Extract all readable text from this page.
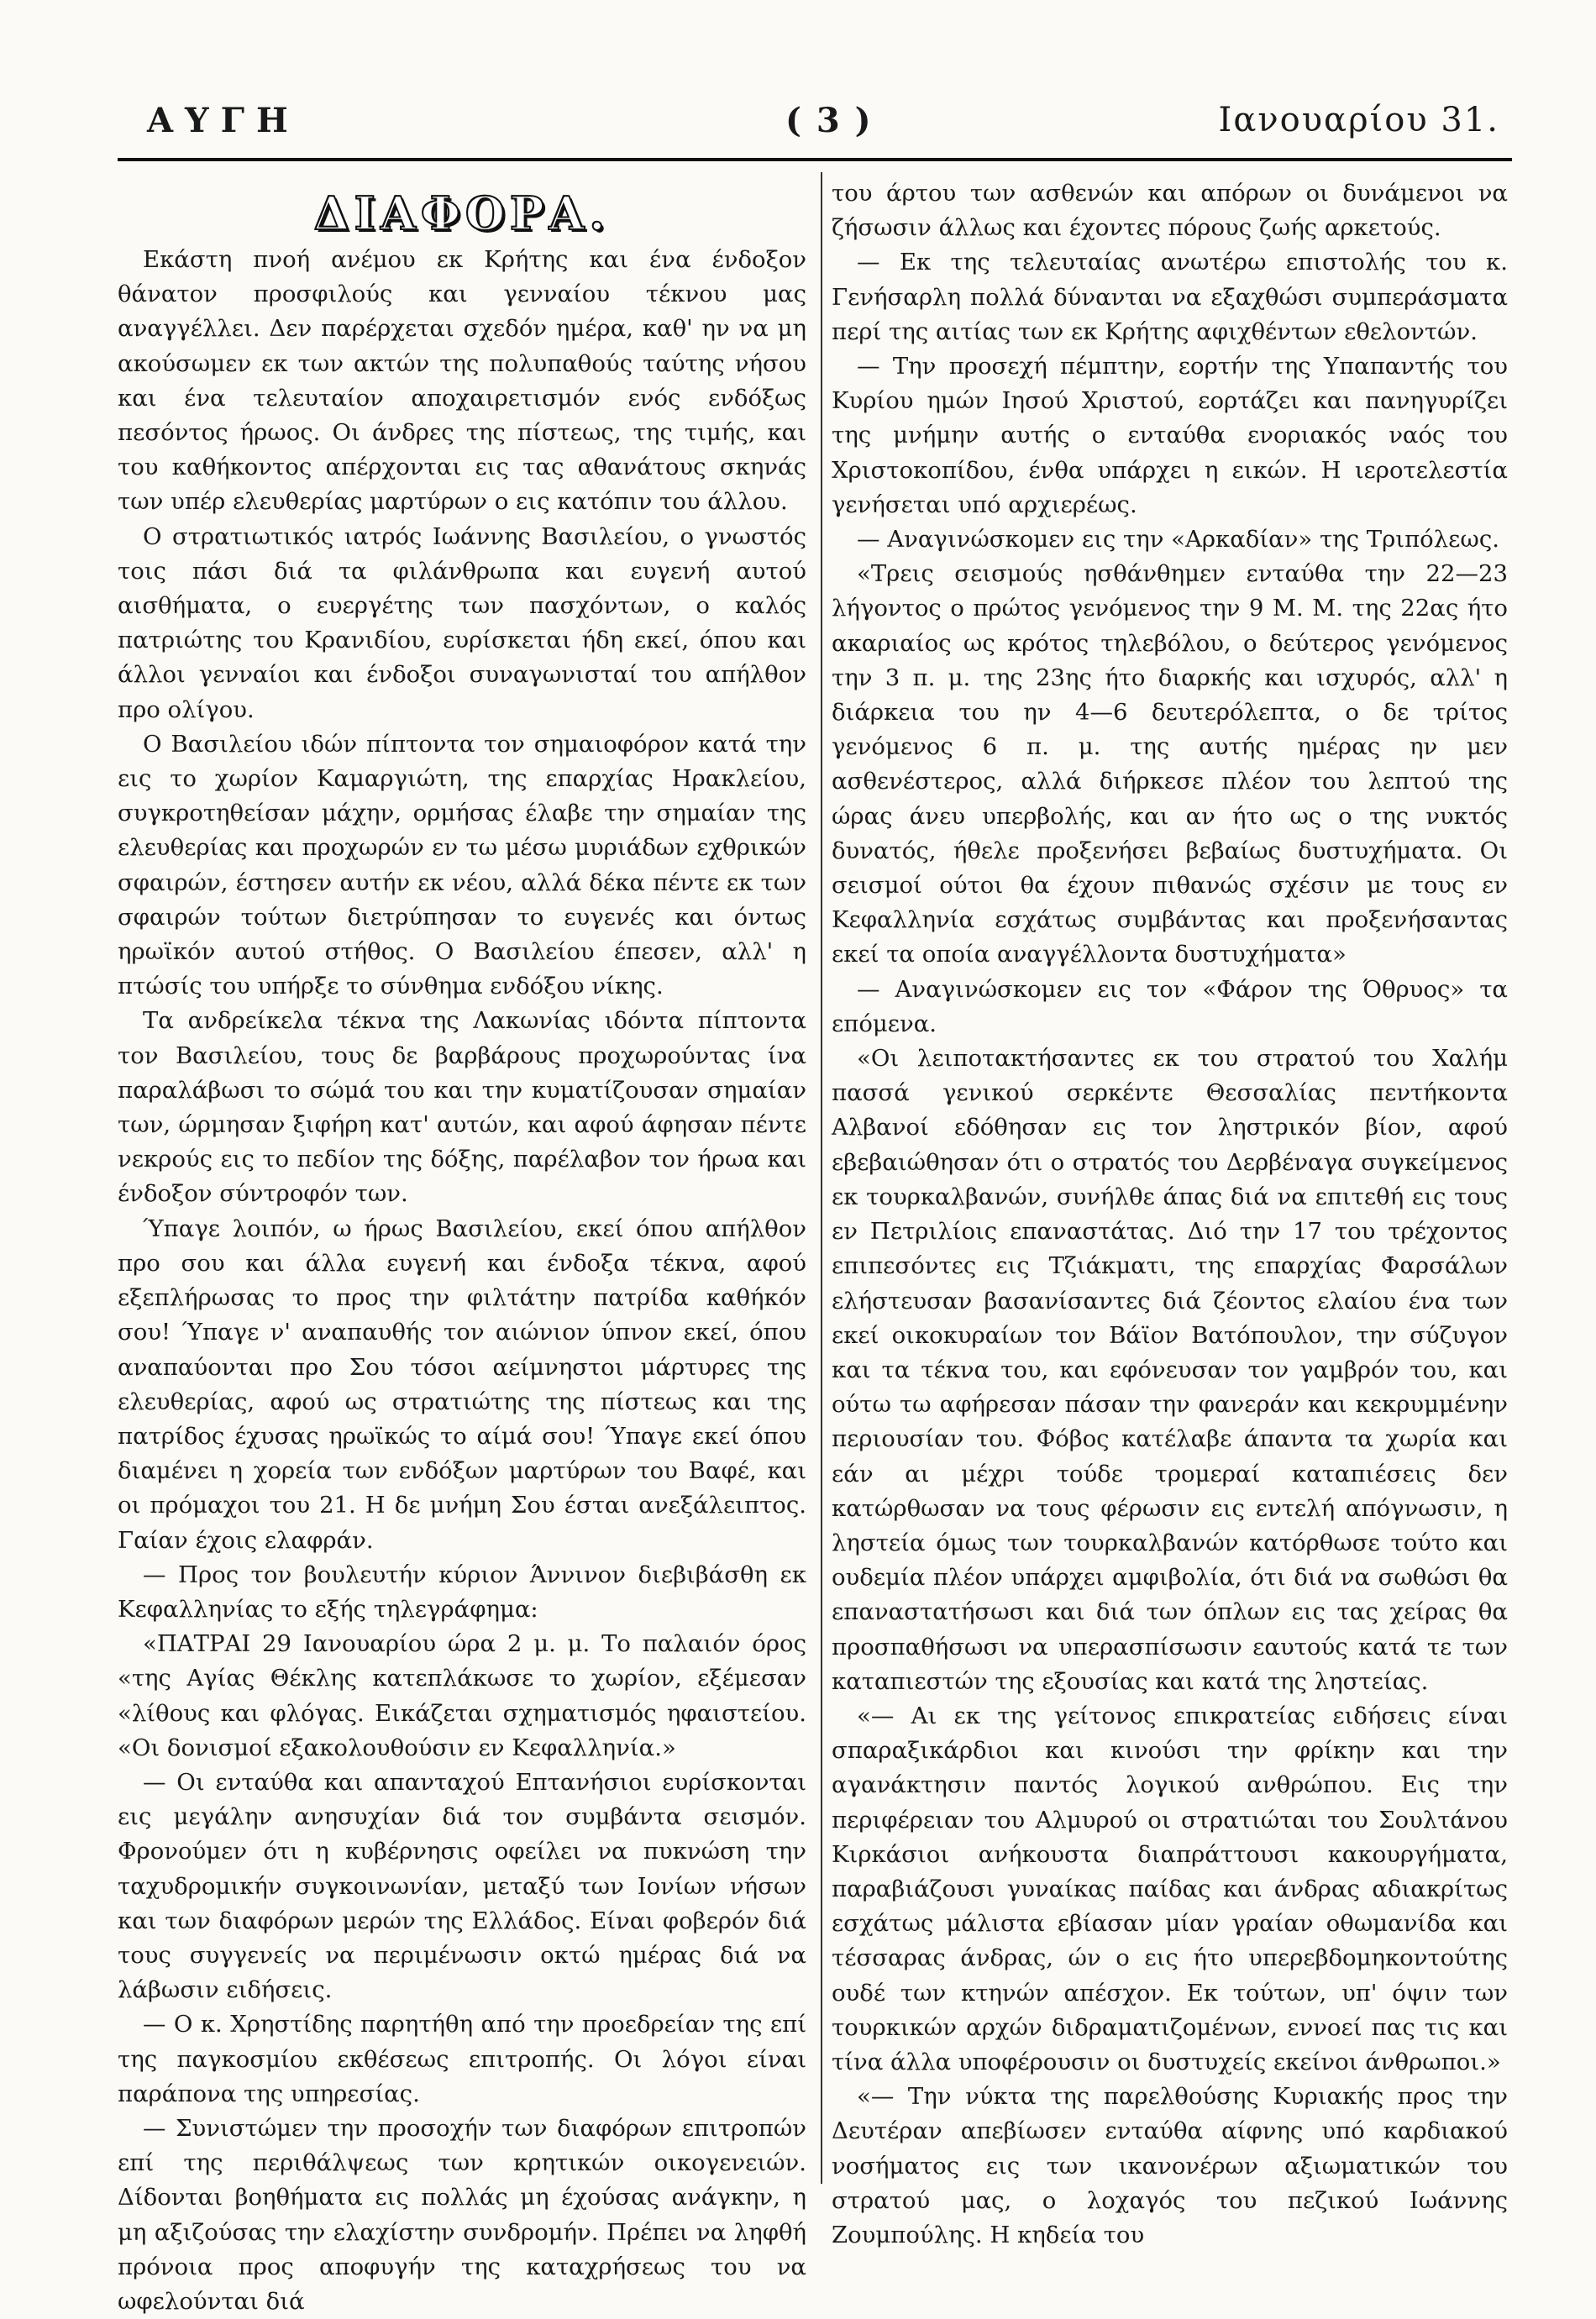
ΑΥΓΗ	( 3 )	Ιανουαρίου 31.
ΔΙΑΦΟΡΑ.

Εκάστη πνοή ανέμου εκ Κρήτης και ένα ένδοξον θάνατον προσφιλούς και γενναίου τέκνου μας αναγγέλλει. Δεν παρέρχεται σχεδόν ημέρα, καθ' ην να μη ακούσωμεν εκ των ακτών της πολυπαθούς ταύτης νήσου και ένα τελευταίον αποχαιρετισμόν ενός ενδόξως πεσόντος ήρωος. Οι άνδρες της πίστεως, της τιμής, και του καθήκοντος απέρχονται εις τας αθανάτους σκηνάς των υπέρ ελευθερίας μαρτύρων ο εις κατόπιν του άλλου.

Ο στρατιωτικός ιατρός Ιωάννης Βασιλείου, ο γνωστός τοις πάσι διά τα φιλάνθρωπα και ευγενή αυτού αισθήματα, ο ευεργέτης των πασχόντων, ο καλός πατριώτης του Κρανιδίου, ευρίσκεται ήδη εκεί, όπου και άλλοι γενναίοι και ένδοξοι συναγωνισταί του απήλθον προ ολίγου.

Ο Βασιλείου ιδών πίπτοντα τον σημαιοφόρον κατά την εις το χωρίον Καμαργιώτη, της επαρχίας Ηρακλείου, συγκροτηθείσαν μάχην, ορμήσας έλαβε την σημαίαν της ελευθερίας και προχωρών εν τω μέσω μυριάδων εχθρικών σφαιρών, έστησεν αυτήν εκ νέου, αλλά δέκα πέντε εκ των σφαιρών τούτων διετρύπησαν το ευγενές και όντως ηρωϊκόν αυτού στήθος. Ο Βασιλείου έπεσεν, αλλ' η πτώσίς του υπήρξε το σύνθημα ενδόξου νίκης.

Τα ανδρείκελα τέκνα της Λακωνίας ιδόντα πίπτοντα τον Βασιλείου, τους δε βαρβάρους προχωρούντας ίνα παραλάβωσι το σώμά του και την κυματίζουσαν σημαίαν των, ώρμησαν ξιφήρη κατ' αυτών, και αφού άφησαν πέντε νεκρούς εις το πεδίον της δόξης, παρέλαβον τον ήρωα και ένδοξον σύντροφόν των.

Ύπαγε λοιπόν, ω ήρως Βασιλείου, εκεί όπου απήλθον προ σου και άλλα ευγενή και ένδοξα τέκνα, αφού εξεπλήρωσας το προς την φιλτάτην πατρίδα καθήκόν σου! Ύπαγε ν' αναπαυθής τον αιώνιον ύπνον εκεί, όπου αναπαύονται προ Σου τόσοι αείμνηστοι μάρτυρες της ελευθερίας, αφού ως στρατιώτης της πίστεως και της πατρίδος έχυσας ηρωϊκώς το αίμά σου! Ύπαγε εκεί όπου διαμένει η χορεία των ενδόξων μαρτύρων του Βαφέ, και οι πρόμαχοι του 21. Η δε μνήμη Σου έσται ανεξάλειπτος. Γαίαν έχοις ελαφράν.

— Προς τον βουλευτήν κύριον Άννινον διεβιβάσθη εκ Κεφαλληνίας το εξής τηλεγράφημα:

«ΠΑΤΡΑΙ 29 Ιανουαρίου ώρα 2 μ. μ. Το παλαιόν όρος «της Αγίας Θέκλης κατεπλάκωσε το χωρίον, εξέμεσαν «λίθους και φλόγας. Εικάζεται σχηματισμός ηφαιστείου. «Οι δονισμοί εξακολουθούσιν εν Κεφαλληνία.»

— Οι ενταύθα και απανταχού Επτανήσιοι ευρίσκονται εις μεγάλην ανησυχίαν διά τον συμβάντα σεισμόν. Φρονούμεν ότι η κυβέρνησις οφείλει να πυκνώση την ταχυδρομικήν συγκοινωνίαν, μεταξύ των Ιονίων νήσων και των διαφόρων μερών της Ελλάδος. Είναι φοβερόν διά τους συγγενείς να περιμένωσιν οκτώ ημέρας διά να λάβωσιν ειδήσεις.

— Ο κ. Χρηστίδης παρητήθη από την προεδρείαν της επί της παγκοσμίου εκθέσεως επιτροπής. Οι λόγοι είναι παράπονα της υπηρεσίας.

— Συνιστώμεν την προσοχήν των διαφόρων επιτροπών επί της περιθάλψεως των κρητικών οικογενειών. Δίδονται βοηθήματα εις πολλάς μη έχούσας ανάγκην, η μη αξιζούσας την ελαχίστην συνδρομήν. Πρέπει να ληφθή πρόνοια προς αποφυγήν της καταχρήσεως του να ωφελούνται διά

του άρτου των ασθενών και απόρων οι δυνάμενοι να ζήσωσιν άλλως και έχοντες πόρους ζωής αρκετούς.

— Εκ της τελευταίας ανωτέρω επιστολής του κ. Γενήσαρλη πολλά δύνανται να εξαχθώσι συμπεράσματα περί της αιτίας των εκ Κρήτης αφιχθέντων εθελοντών.

— Την προσεχή πέμπτην, εορτήν της Υπαπαντής του Κυρίου ημών Ιησού Χριστού, εορτάζει και πανηγυρίζει της μνήμην αυτής ο ενταύθα ενοριακός ναός του Χριστοκοπίδου, ένθα υπάρχει η εικών. Η ιεροτελεστία γενήσεται υπό αρχιερέως.

— Αναγινώσκομεν εις την «Αρκαδίαν» της Τριπόλεως.

«Τρεις σεισμούς ησθάνθημεν ενταύθα την 22—23 λήγοντος ο πρώτος γενόμενος την 9 Μ. Μ. της 22ας ήτο ακαριαίος ως κρότος τηλεβόλου, ο δεύτερος γενόμενος την 3 π. μ. της 23ης ήτο διαρκής και ισχυρός, αλλ' η διάρκεια του ην 4—6 δευτερόλεπτα, ο δε τρίτος γενόμενος 6 π. μ. της αυτής ημέρας ην μεν ασθενέστερος, αλλά διήρκεσε πλέον του λεπτού της ώρας άνευ υπερβολής, και αν ήτο ως ο της νυκτός δυνατός, ήθελε προξενήσει βεβαίως δυστυχήματα. Οι σεισμοί ούτοι θα έχουν πιθανώς σχέσιν με τους εν Κεφαλληνία εσχάτως συμβάντας και προξενήσαντας εκεί τα οποία αναγγέλλοντα δυστυχήματα»

— Αναγινώσκομεν εις τον «Φάρον της Όθρυος» τα επόμενα.

«Οι λειποτακτήσαντες εκ του στρατού του Χαλήμ πασσά γενικού σερκέντε Θεσσαλίας πεντήκοντα Αλβανοί εδόθησαν εις τον ληστρικόν βίον, αφού εβεβαιώθησαν ότι ο στρατός του Δερβέναγα συγκείμενος εκ τουρκαλβανών, συνήλθε άπας διά να επιτεθή εις τους εν Πετριλίοις επαναστάτας. Διό την 17 του τρέχοντος επιπεσόντες εις Τζιάκματι, της επαρχίας Φαρσάλων ελήστευσαν βασανίσαντες διά ζέοντος ελαίου ένα των εκεί οικοκυραίων τον Βάϊον Βατόπουλον, την σύζυγον και τα τέκνα του, και εφόνευσαν τον γαμβρόν του, και ούτω τω αφήρεσαν πάσαν την φανεράν και κεκρυμμένην περιουσίαν του. Φόβος κατέλαβε άπαντα τα χωρία και εάν αι μέχρι τούδε τρομεραί καταπιέσεις δεν κατώρθωσαν να τους φέρωσιν εις εντελή απόγνωσιν, η ληστεία όμως των τουρκαλβανών κατόρθωσε τούτο και ουδεμία πλέον υπάρχει αμφιβολία, ότι διά να σωθώσι θα επαναστατήσωσι και διά των όπλων εις τας χείρας θα προσπαθήσωσι να υπερασπίσωσιν εαυτούς κατά τε των καταπιεστών της εξουσίας και κατά της ληστείας.

«— Αι εκ της γείτονος επικρατείας ειδήσεις είναι σπαραξικάρδιοι και κινούσι την φρίκην και την αγανάκτησιν παντός λογικού ανθρώπου. Εις την περιφέρειαν του Αλμυρού οι στρατιώται του Σουλτάνου Κιρκάσιοι ανήκουστα διαπράττουσι κακουργήματα, παραβιάζουσι γυναίκας παίδας και άνδρας αδιακρίτως εσχάτως μάλιστα εβίασαν μίαν γραίαν οθωμανίδα και τέσσαρας άνδρας, ών ο εις ήτο υπερεβδομηκοντούτης ουδέ των κτηνών απέσχον. Εκ τούτων, υπ' όψιν των τουρκικών αρχών διδραματιζομένων, εννοεί πας τις και τίνα άλλα υποφέρουσιν οι δυστυχείς εκείνοι άνθρωποι.»

«— Την νύκτα της παρελθούσης Κυριακής προς την Δευτέραν απεβίωσεν ενταύθα αίφνης υπό καρδιακού νοσήματος εις των ικανονέρων αξιωματικών του στρατού μας, ο λοχαγός του πεζικού Ιωάννης Ζουμπούλης. Η κηδεία του
